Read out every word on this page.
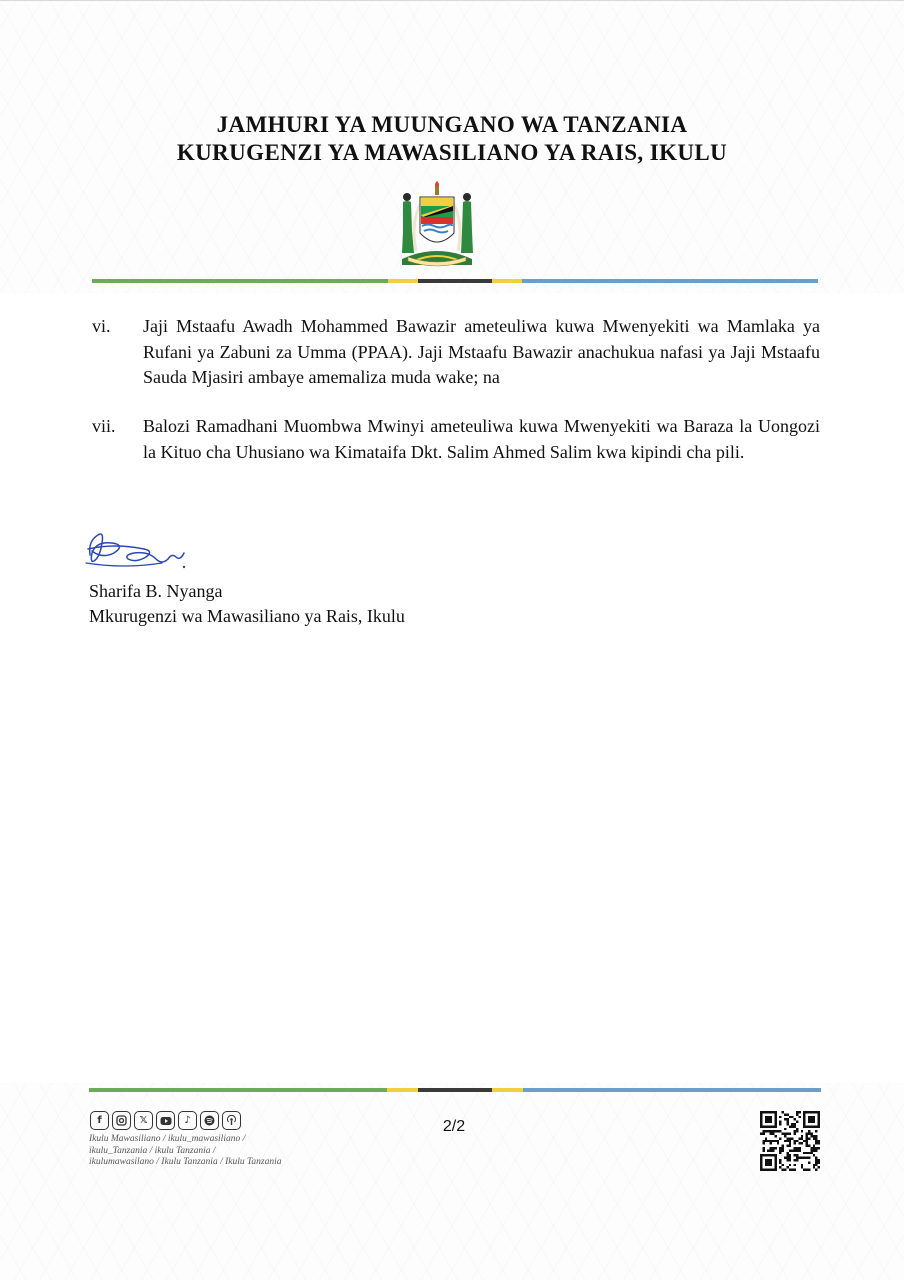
JAMHURI YA MUUNGANO WA TANZANIA
KURUGENZI YA MAWASILIANO YA RAIS, IKULU
vi.	Jaji Mstaafu Awadh Mohammed Bawazir ameteuliwa kuwa Mwenyekiti wa Mamlaka ya Rufani ya Zabuni za Umma (PPAA). Jaji Mstaafu Bawazir anachukua nafasi ya Jaji Mstaafu Sauda Mjasiri ambaye amemaliza muda wake; na
vii.	Balozi Ramadhani Muombwa Mwinyi ameteuliwa kuwa Mwenyekiti wa Baraza la Uongozi la Kituo cha Uhusiano wa Kimataifa Dkt. Salim Ahmed Salim kwa kipindi cha pili.
Sharifa B. Nyanga
Mkurugenzi wa Mawasiliano ya Rais, Ikulu
f	𝕏	♪
Ikulu Mawasiliano / ikulu_mawasiliano /
ikulu_Tanzania / ikulu Tanzania /
ikulumawasilano / Ikulu Tanzania / Ikulu Tanzania
2/2
